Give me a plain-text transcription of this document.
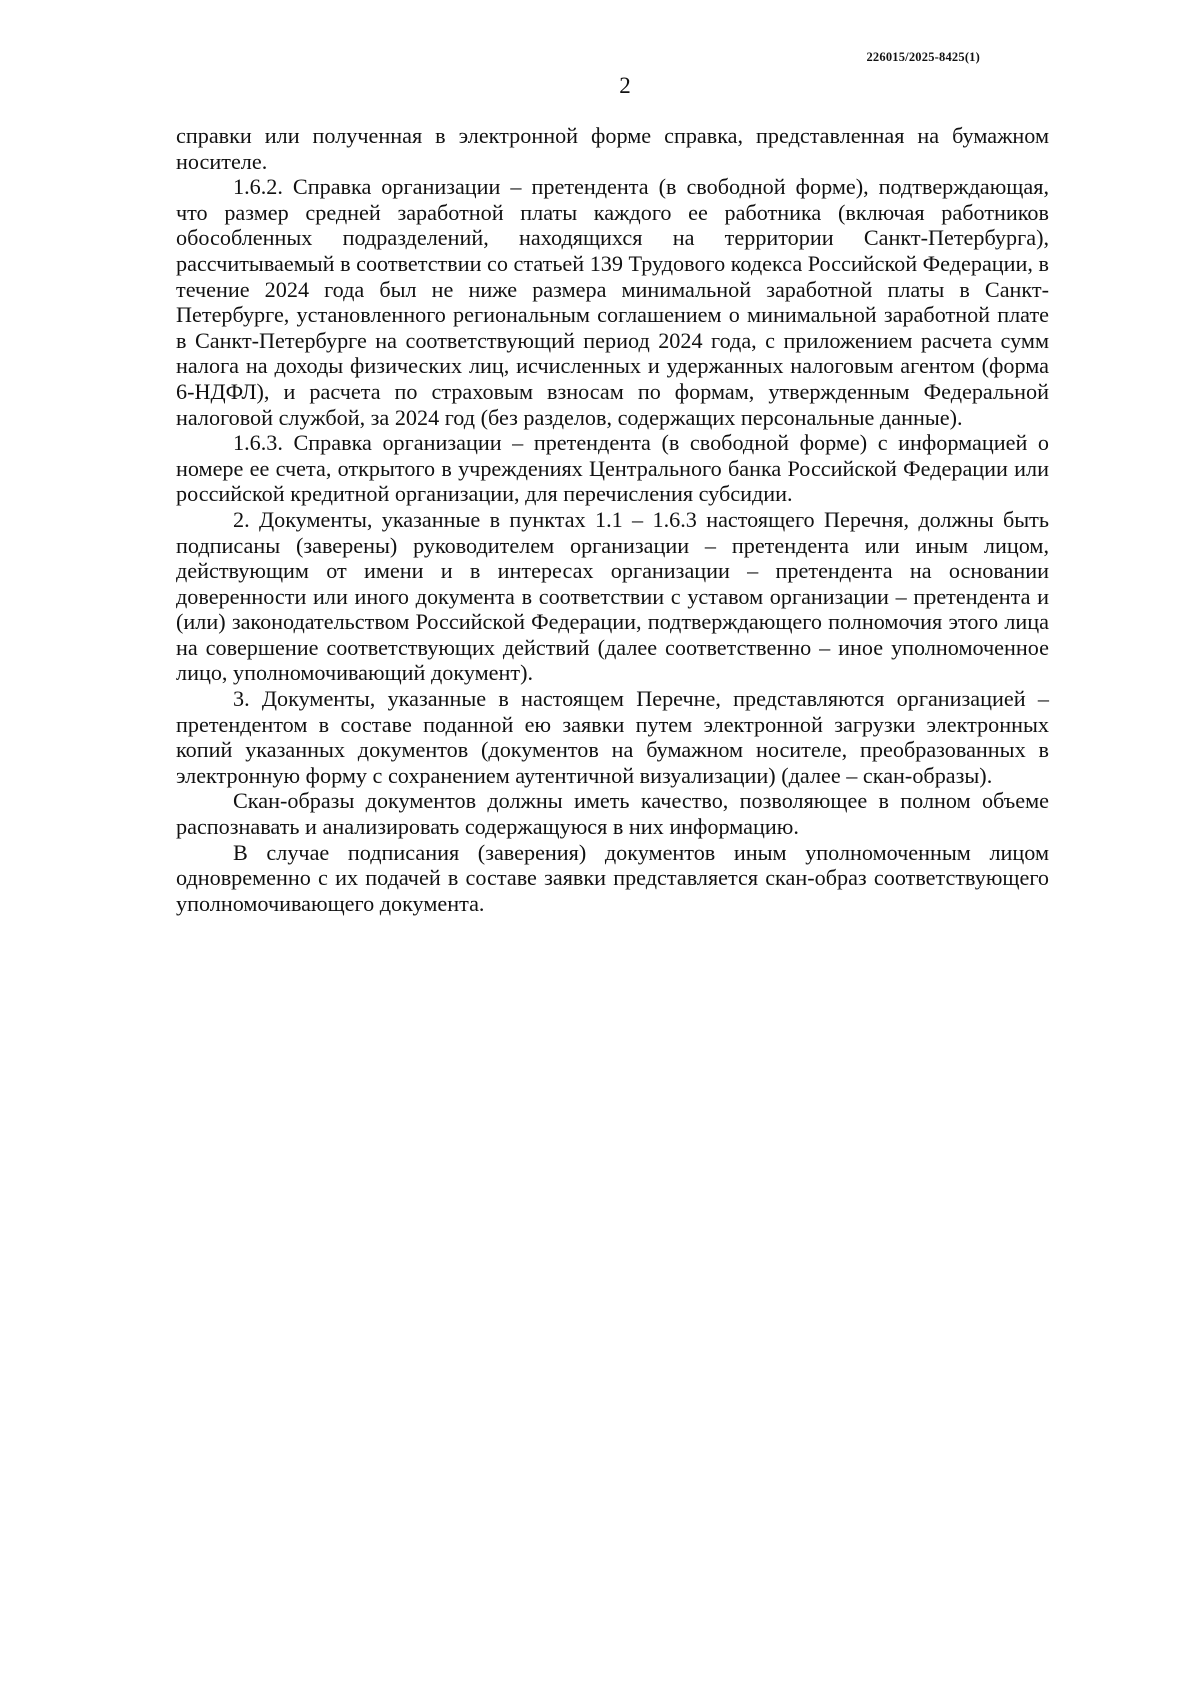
226015/2025-8425(1)
2

справки или полученная в электронной форме справка, представленная на бумажном носителе.

1.6.2. Справка организации – претендента (в свободной форме), подтверждающая, что размер средней заработной платы каждого ее работника (включая работников обособленных подразделений, находящихся на территории Санкт-Петербурга), рассчитываемый в соответствии со статьей 139 Трудового кодекса Российской Федерации, в течение 2024 года был не ниже размера минимальной заработной платы в Санкт-Петербурге, установленного региональным соглашением о минимальной заработной плате в Санкт-Петербурге на соответствующий период 2024 года, с приложением расчета сумм налога на доходы физических лиц, исчисленных и удержанных налоговым агентом (форма 6-НДФЛ), и расчета по страховым взносам по формам, утвержденным Федеральной налоговой службой, за 2024 год (без разделов, содержащих персональные данные).

1.6.3. Справка организации – претендента (в свободной форме) с информацией о номере ее счета, открытого в учреждениях Центрального банка Российской Федерации или российской кредитной организации, для перечисления субсидии.

2. Документы, указанные в пунктах 1.1 – 1.6.3 настоящего Перечня, должны быть подписаны (заверены) руководителем организации – претендента или иным лицом, действующим от имени и в интересах организации – претендента на основании доверенности или иного документа в соответствии с уставом организации – претендента и (или) законодательством Российской Федерации, подтверждающего полномочия этого лица на совершение соответствующих действий (далее соответственно – иное уполномоченное лицо, уполномочивающий документ).

3. Документы, указанные в настоящем Перечне, представляются организацией – претендентом в составе поданной ею заявки путем электронной загрузки электронных копий указанных документов (документов на бумажном носителе, преобразованных в электронную форму с сохранением аутентичной визуализации) (далее – скан-образы).

Скан-образы документов должны иметь качество, позволяющее в полном объеме распознавать и анализировать содержащуюся в них информацию.

В случае подписания (заверения) документов иным уполномоченным лицом одновременно с их подачей в составе заявки представляется скан-образ соответствующего уполномочивающего документа.
